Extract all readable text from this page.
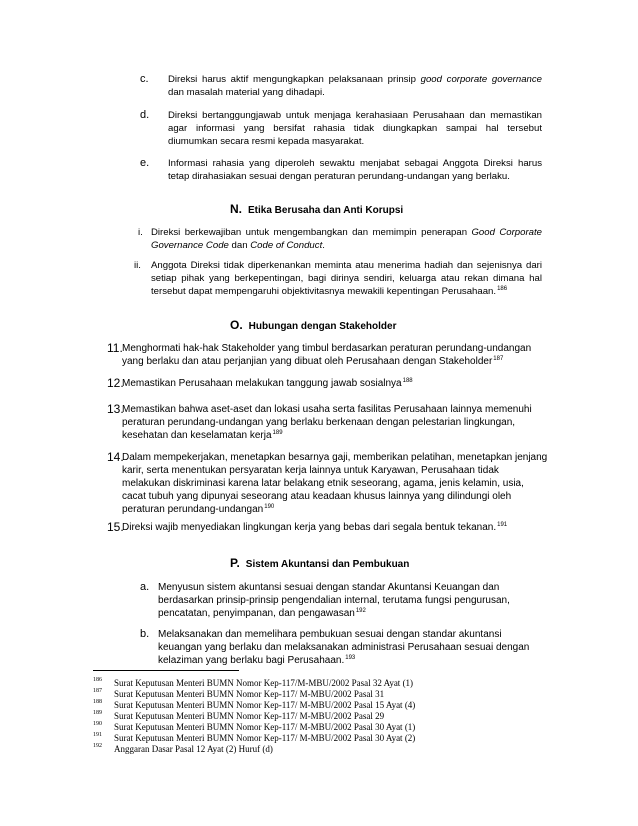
c. Direksi harus aktif mengungkapkan pelaksanaan prinsip good corporate governance
dan masalah material yang dihadapi.
d. Direksi bertanggungjawab untuk menjaga kerahasiaan Perusahaan dan memastikan
agar informasi yang bersifat rahasia tidak diungkapkan sampai hal tersebut
diumumkan secara resmi kepada masyarakat.
e. Informasi rahasia yang diperoleh sewaktu menjabat sebagai Anggota Direksi harus
tetap dirahasiakan sesuai dengan peraturan perundang-undangan yang berlaku.
N. Etika Berusaha dan Anti Korupsi
i. Direksi berkewajiban untuk mengembangkan dan memimpin penerapan Good Corporate
Governance Code dan Code of Conduct.
ii. Anggota Direksi tidak diperkenankan meminta atau menerima hadiah dan sejenisnya dari
setiap pihak yang berkepentingan, bagi dirinya sendiri, keluarga atau rekan dimana hal
tersebut dapat mempengaruhi objektivitasnya mewakili kepentingan Perusahaan.$^{186}$
O. Hubungan dengan Stakeholder
11. Menghormati hak-hak Stakeholder yang timbul berdasarkan peraturan perundang-undangan
yang berlaku dan atau perjanjian yang dibuat oleh Perusahaan dengan Stakeholder$^{187}$
12.
Memastikan Perusahaan melakukan tanggung jawab sosialnya$^{188}$
13.
Memastikan bahwa aset-aset dan lokasi usaha serta fasilitas Perusahaan lainnya memenuhi
peraturan perundang-undangan yang berlaku berkenaan dengan pelestarian lingkungan,
kesehatan dan keselamatan kerja$^{189}$
14.
Dalam mempekerjakan, menetapkan besarnya gaji, memberikan pelatihan, menetapkan jenjang
karir, serta menentukan persyaratan kerja lainnya untuk Karyawan, Perusahaan tidak
melakukan diskriminasi karena latar belakang etnik seseorang, agama, jenis kelamin, usia,
cacat tubuh yang dipunyai seseorang atau keadaan khusus lainnya yang dilindungi oleh
peraturan perundang-undangan$^{190}$
15.
Direksi wajib menyediakan lingkungan kerja yang bebas dari segala bentuk tekanan.$^{191}$
P. Sistem Akuntansi dan Pembukuan
a. Menyusun sistem akuntansi sesuai dengan standar Akuntansi Keuangan dan
berdasarkan prinsip-prinsip pengendalian internal, terutama fungsi pengurusan,
pencatatan, penyimpanan, dan pengawasan$^{192}$
b. Melaksanakan dan memelihara pembukuan sesuai dengan standar akuntansi
keuangan yang berlaku dan melaksanakan administrasi Perusahaan sesuai dengan
kelaziman yang berlaku bagi Perusahaan.$^{193}$
186 Surat Keputusan Menteri BUMN Nomor Kep-117/M-MBU/2002 Pasal 32 Ayat (1)
187 Surat Keputusan Menteri BUMN Nomor Kep-117/ M-MBU/2002 Pasal 31
188 Surat Keputusan Menteri BUMN Nomor Kep-117/ M-MBU/2002 Pasal 15 Ayat (4)
189 Surat Keputusan Menteri BUMN Nomor Kep-117/ M-MBU/2002 Pasal 29
190 Surat Keputusan Menteri BUMN Nomor Kep-117/ M-MBU/2002 Pasal 30 Ayat (1)
191 Surat Keputusan Menteri BUMN Nomor Kep-117/ M-MBU/2002 Pasal 30 Ayat (2)
192 Anggaran Dasar Pasal 12 Ayat (2) Huruf (d)
